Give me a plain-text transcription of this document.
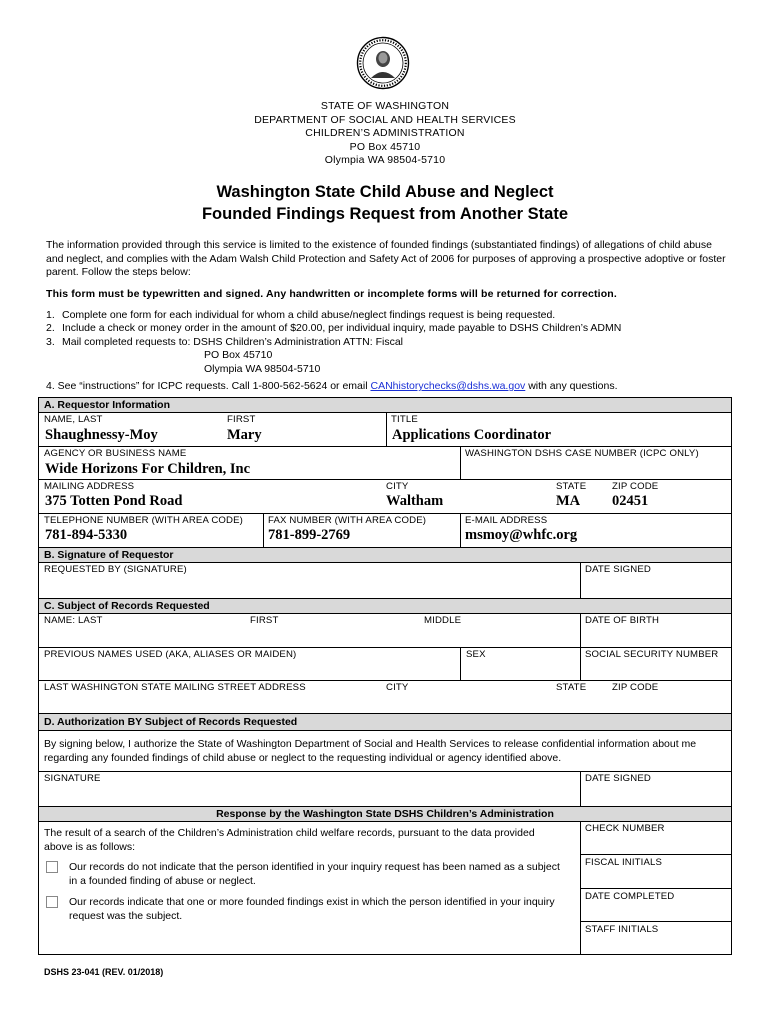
STATE OF WASHINGTON
DEPARTMENT OF SOCIAL AND HEALTH SERVICES
CHILDREN’S ADMINISTRATION
PO Box 45710
Olympia WA 98504-5710
Washington State Child Abuse and Neglect
Founded Findings Request from Another State
The information provided through this service is limited to the existence of founded findings (substantiated findings) of allegations of child abuse and neglect, and complies with the Adam Walsh Child Protection and Safety Act of 2006 for purposes of approving a prospective adoptive or foster parent. Follow the steps below:
This form must be typewritten and signed. Any handwritten or incomplete forms will be returned for correction.
1. Complete one form for each individual for whom a child abuse/neglect findings request is being requested.
2. Include a check or money order in the amount of $20.00, per individual inquiry, made payable to DSHS Children’s ADMN
3. Mail completed requests to: DSHS Children’s Administration ATTN: Fiscal
PO Box 45710
Olympia WA 98504-5710
4. See “instructions” for ICPC requests. Call 1-800-562-5624 or email CANhistorychecks@dshs.wa.gov with any questions.
A. Requestor Information
NAME, LAST	FIRST	TITLE
Shaughnessy-Moy	Mary	Applications Coordinator
AGENCY OR BUSINESS NAME	WASHINGTON DSHS CASE NUMBER (ICPC ONLY)
Wide Horizons For Children, Inc
MAILING ADDRESS	CITY	STATE	ZIP CODE
375 Totten Pond Road	Waltham	MA 02451
TELEPHONE NUMBER (WITH AREA CODE)	FAX NUMBER (WITH AREA CODE)	E-MAIL ADDRESS
781-894-5330	781-899-2769	msmoy@whfc.org
B. Signature of Requestor
REQUESTED BY (SIGNATURE)	DATE SIGNED
C. Subject of Records Requested
NAME: LAST	FIRST	MIDDLE	DATE OF BIRTH
PREVIOUS NAMES USED (AKA, ALIASES OR MAIDEN)	SEX	SOCIAL SECURITY NUMBER
LAST WASHINGTON STATE MAILING STREET ADDRESS	CITY	STATE	ZIP CODE
D. Authorization BY Subject of Records Requested
By signing below, I authorize the State of Washington Department of Social and Health Services to release confidential information about me regarding any founded findings of child abuse or neglect to the requesting individual or agency identified above.
SIGNATURE	DATE SIGNED
Response by the Washington State DSHS Children’s Administration
The result of a search of the Children’s Administration child welfare records, pursuant to the data provided above is as follows:
Our records do not indicate that the person identified in your inquiry request has been named as a subject in a founded finding of abuse or neglect.
Our records indicate that one or more founded findings exist in which the person identified in your inquiry request was the subject.
CHECK NUMBER
FISCAL INITIALS
DATE COMPLETED
STAFF INITIALS
DSHS 23-041 (REV. 01/2018)
